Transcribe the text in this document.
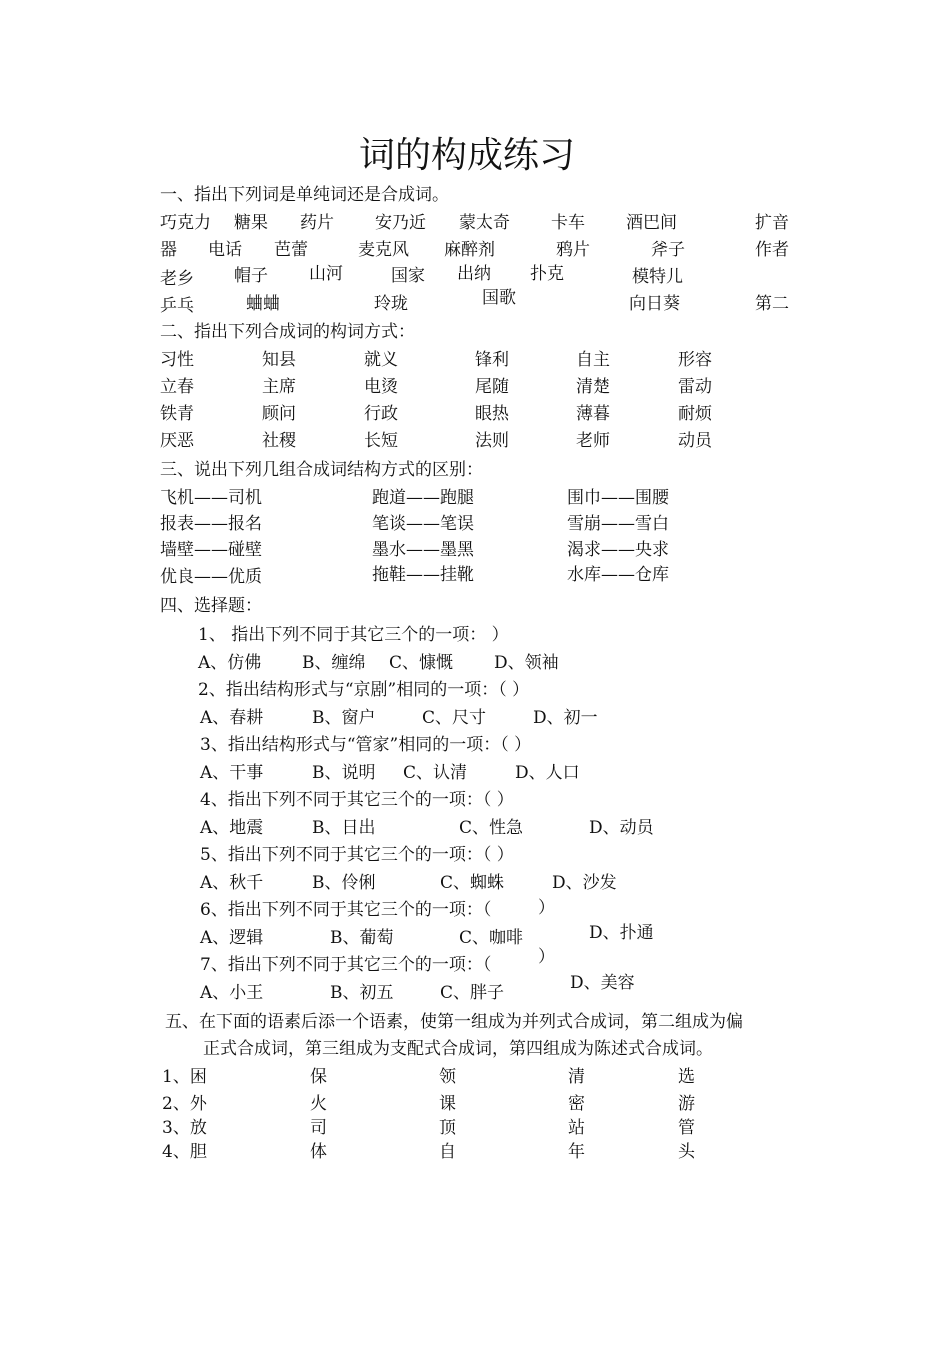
词的构成练习
一、指出下列词是单纯词还是合成词。
巧克力 糖果 药片 安乃近 蒙太奇 卡车 酒巴间	扩音
器 电话 芭蕾	麦克风 麻醉剂	鸦片	斧子	作者
老乡 帽子 山河	国家 出纳 扑克	模特儿
乒乓	蛐蛐	玲珑	国歌	向日葵	第二
二、指出下列合成词的构词方式：
习性	知县	就义	锋利	自主	形容
立春	主席	电烫	尾随	清楚	雷动
铁青	顾问	行政	眼热	薄暮	耐烦
厌恶	社稷	长短	法则	老师	动员
三、说出下列几组合成词结构方式的区别：
飞机——司机	跑道——跑腿	围巾——围腰
报表——报名	笔谈——笔误	雪崩——雪白
墙壁——碰壁	墨水——墨黑	渴求——央求
优良——优质	拖鞋——挂靴	水库——仓库
四、选择题：
1、 指出下列不同于其它三个的一项： ）
A、仿佛 B、缠绵 C、慷慨 D、领袖
2、指出结构形式与“京剧”相同的一项：（ ）
A、春耕	B、窗户	C、尺寸	D、初一
3、指出结构形式与“管家”相同的一项：（ ）
A、干事	B、说明 C、认清	D、人口
4、指出下列不同于其它三个的一项：（ ）
A、地震	B、日出	C、性急	D、动员
5、指出下列不同于其它三个的一项：（ ）
A、秋千	B、伶俐	C、蜘蛛	D、沙发
6、指出下列不同于其它三个的一项：（	）
A、逻辑	B、葡萄	C、咖啡	D、扑通
7、指出下列不同于其它三个的一项：（	）
A、小王	B、初五	C、胖子	D、美容
五、在下面的语素后添一个语素，使第一组成为并列式合成词，第二组成为偏
正式合成词，第三组成为支配式合成词，第四组成为陈述式合成词。
1、困	保	领	清	选
2、外	火	课	密	游
3、放	司	顶	站	管
4、胆	体	自	年	头
